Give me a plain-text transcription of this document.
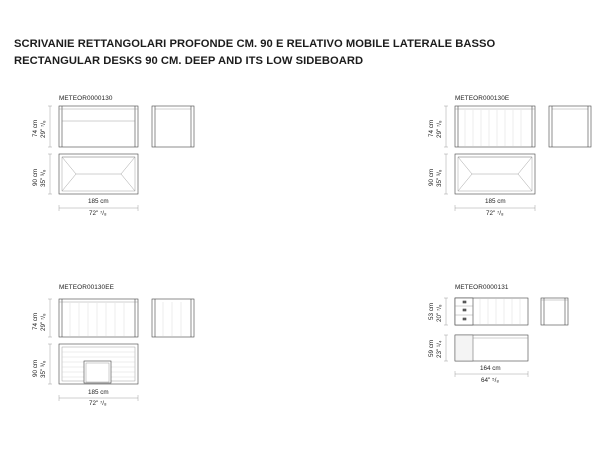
SCRIVANIE RETTANGOLARI PROFONDE CM. 90 E RELATIVO MOBILE LATERALE BASSO
RECTANGULAR DESKS 90 CM. DEEP AND ITS LOW SIDEBOARD
METEOR0000130
74 cm 29" ⁷/₈
90 cm 35" ³/₈
185 cm
72" ⁷/₈
METEOR000130E
74 cm 29" ⁷/₈
90 cm 35" ³/₈
185 cm
72" ⁷/₈
METEOR00130EE
74 cm 29" ⁷/₈
90 cm 35" ³/₈
185 cm
72" ⁷/₈
METEOR0000131
53 cm 20" ⁷/₈
59 cm 23" ¹/₄
164 cm
64" ⁵/₈
